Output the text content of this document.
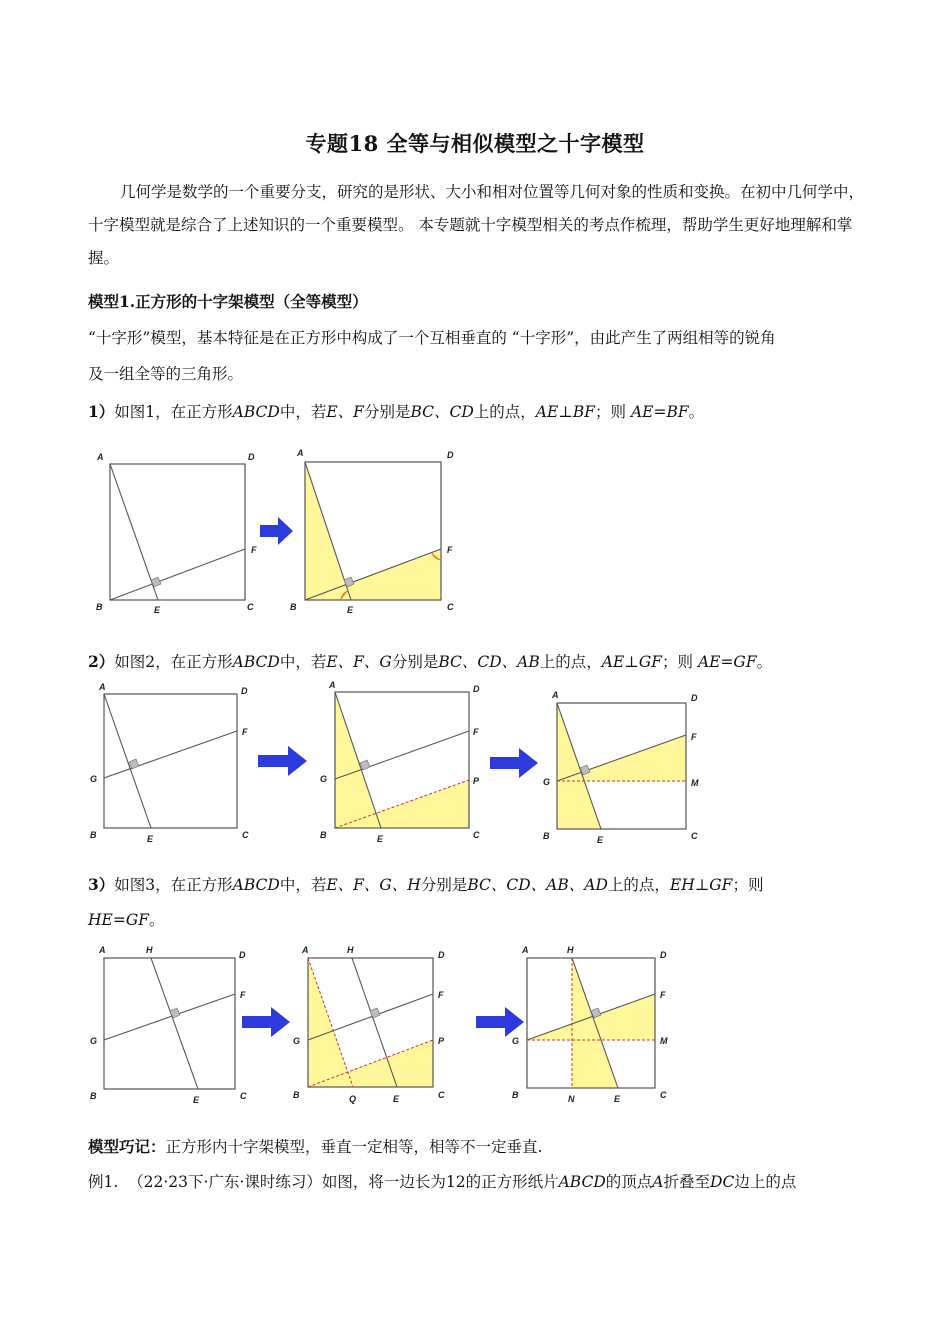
专题18 全等与相似模型之十字模型
几何学是数学的一个重要分支，研究的是形状、大小和相对位置等几何对象的性质和变换。在初中几何学中，十字模型就是综合了上述知识的一个重要模型。 本专题就十字模型相关的考点作梳理，帮助学生更好地理解和掌握。
模型1.正方形的十字架模型（全等模型）
“十字形”模型，基本特征是在正方形中构成了一个互相垂直的 “十字形”，由此产生了两组相等的锐角
及一组全等的三角形。
1）如图1，在正方形ABCD中，若E、F分别是BC、CD上的点，AE⊥BF；则 AE=BF。
A	D
B	C
E
F
A	D
B	C
E
F
2）如图2，在正方形ABCD中，若E、F、G分别是BC、CD、AB上的点，AE⊥GF；则 AE=GF。
A	D
G
F
B	C
E
A	D
G
F
P
B	C
E
A	D
G
F
M
B	C
E
3）如图3，在正方形ABCD中，若E、F、G、H分别是BC、CD、AB、AD上的点，EH⊥GF；则
HE=GF。
A	H	D
G
F
B	C
E
A	H	D
G
F
P
B	C
Q	E
A	H	D
G
F
M
B	C
N	E
模型巧记：正方形内十字架模型，垂直一定相等，相等不一定垂直.
例1. （22·23下·广东·课时练习）如图，将一边长为12的正方形纸片ABCD的顶点A折叠至DC边上的点
